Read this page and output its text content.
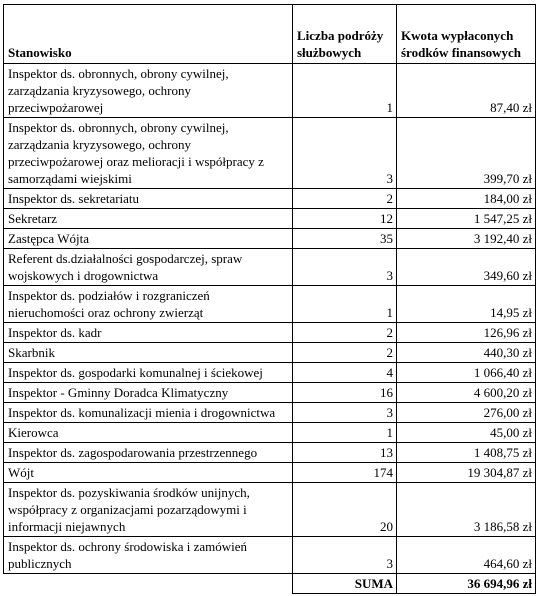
Stanowisko	Liczba podróży służbowych	Kwota wypłaconych środków finansowych
Inspektor ds. obronnych, obrony cywilnej, zarządzania kryzysowego, ochrony przeciwpożarowej	1	87,40 zł
Inspektor ds. obronnych, obrony cywilnej, zarządzania kryzysowego, ochrony przeciwpożarowej oraz melioracji i współpracy z samorządami wiejskimi	3	399,70 zł
Inspektor ds. sekretariatu	2	184,00 zł
Sekretarz	12	1 547,25 zł
Zastępca Wójta	35	3 192,40 zł
Referent ds.działalności gospodarczej, spraw wojskowych i drogownictwa	3	349,60 zł
Inspektor ds. podziałów i rozgraniczeń nieruchomości oraz ochrony zwierząt	1	14,95 zł
Inspektor ds. kadr	2	126,96 zł
Skarbnik	2	440,30 zł
Inspektor ds. gospodarki komunalnej i ściekowej	4	1 066,40 zł
Inspektor - Gminny Doradca Klimatyczny	16	4 600,20 zł
Inspektor ds. komunalizacji mienia i drogownictwa	3	276,00 zł
Kierowca	1	45,00 zł
Inspektor ds. zagospodarowania przestrzennego	13	1 408,75 zł
Wójt	174	19 304,87 zł
Inspektor ds. pozyskiwania środków unijnych, współpracy z organizacjami pozarządowymi i informacji niejawnych	20	3 186,58 zł
Inspektor ds. ochrony środowiska i zamówień publicznych	3	464,60 zł
	SUMA	36 694,96 zł
